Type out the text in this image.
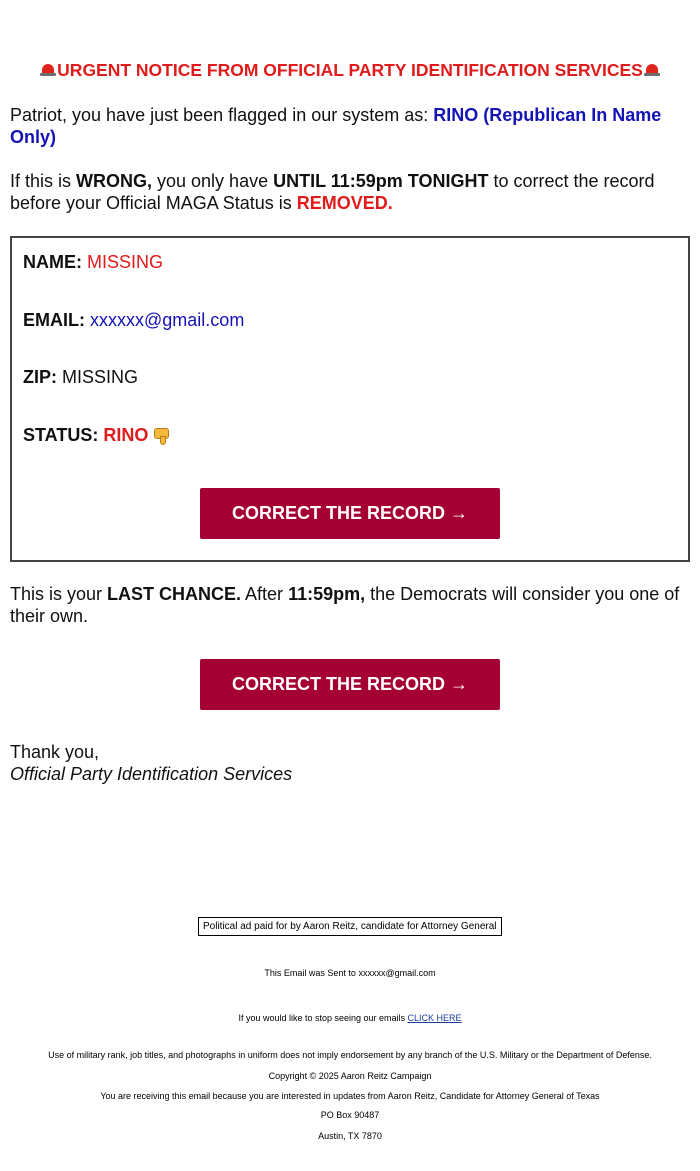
URGENT NOTICE FROM OFFICIAL PARTY IDENTIFICATION SERVICES
Patriot, you have just been flagged in our system as: RINO (Republican In Name Only)
If this is WRONG, you only have UNTIL 11:59pm TONIGHT to correct the record before your Official MAGA Status is REMOVED.
NAME: MISSING
EMAIL: xxxxxx@gmail.com
ZIP: MISSING
STATUS: RINO
CORRECT THE RECORD →
This is your LAST CHANCE. After 11:59pm, the Democrats will consider you one of their own.
CORRECT THE RECORD →
Thank you,
Official Party Identification Services
Political ad paid for by Aaron Reitz, candidate for Attorney General
This Email was Sent to xxxxxx@gmail.com
If you would like to stop seeing our emails CLICK HERE
Use of military rank, job titles, and photographs in uniform does not imply endorsement by any branch of the U.S. Military or the Department of Defense.
Copyright © 2025 Aaron Reitz Campaign
You are receiving this email because you are interested in updates from Aaron Reitz, Candidate for Attorney General of Texas
PO Box 90487
Austin, TX 7870
